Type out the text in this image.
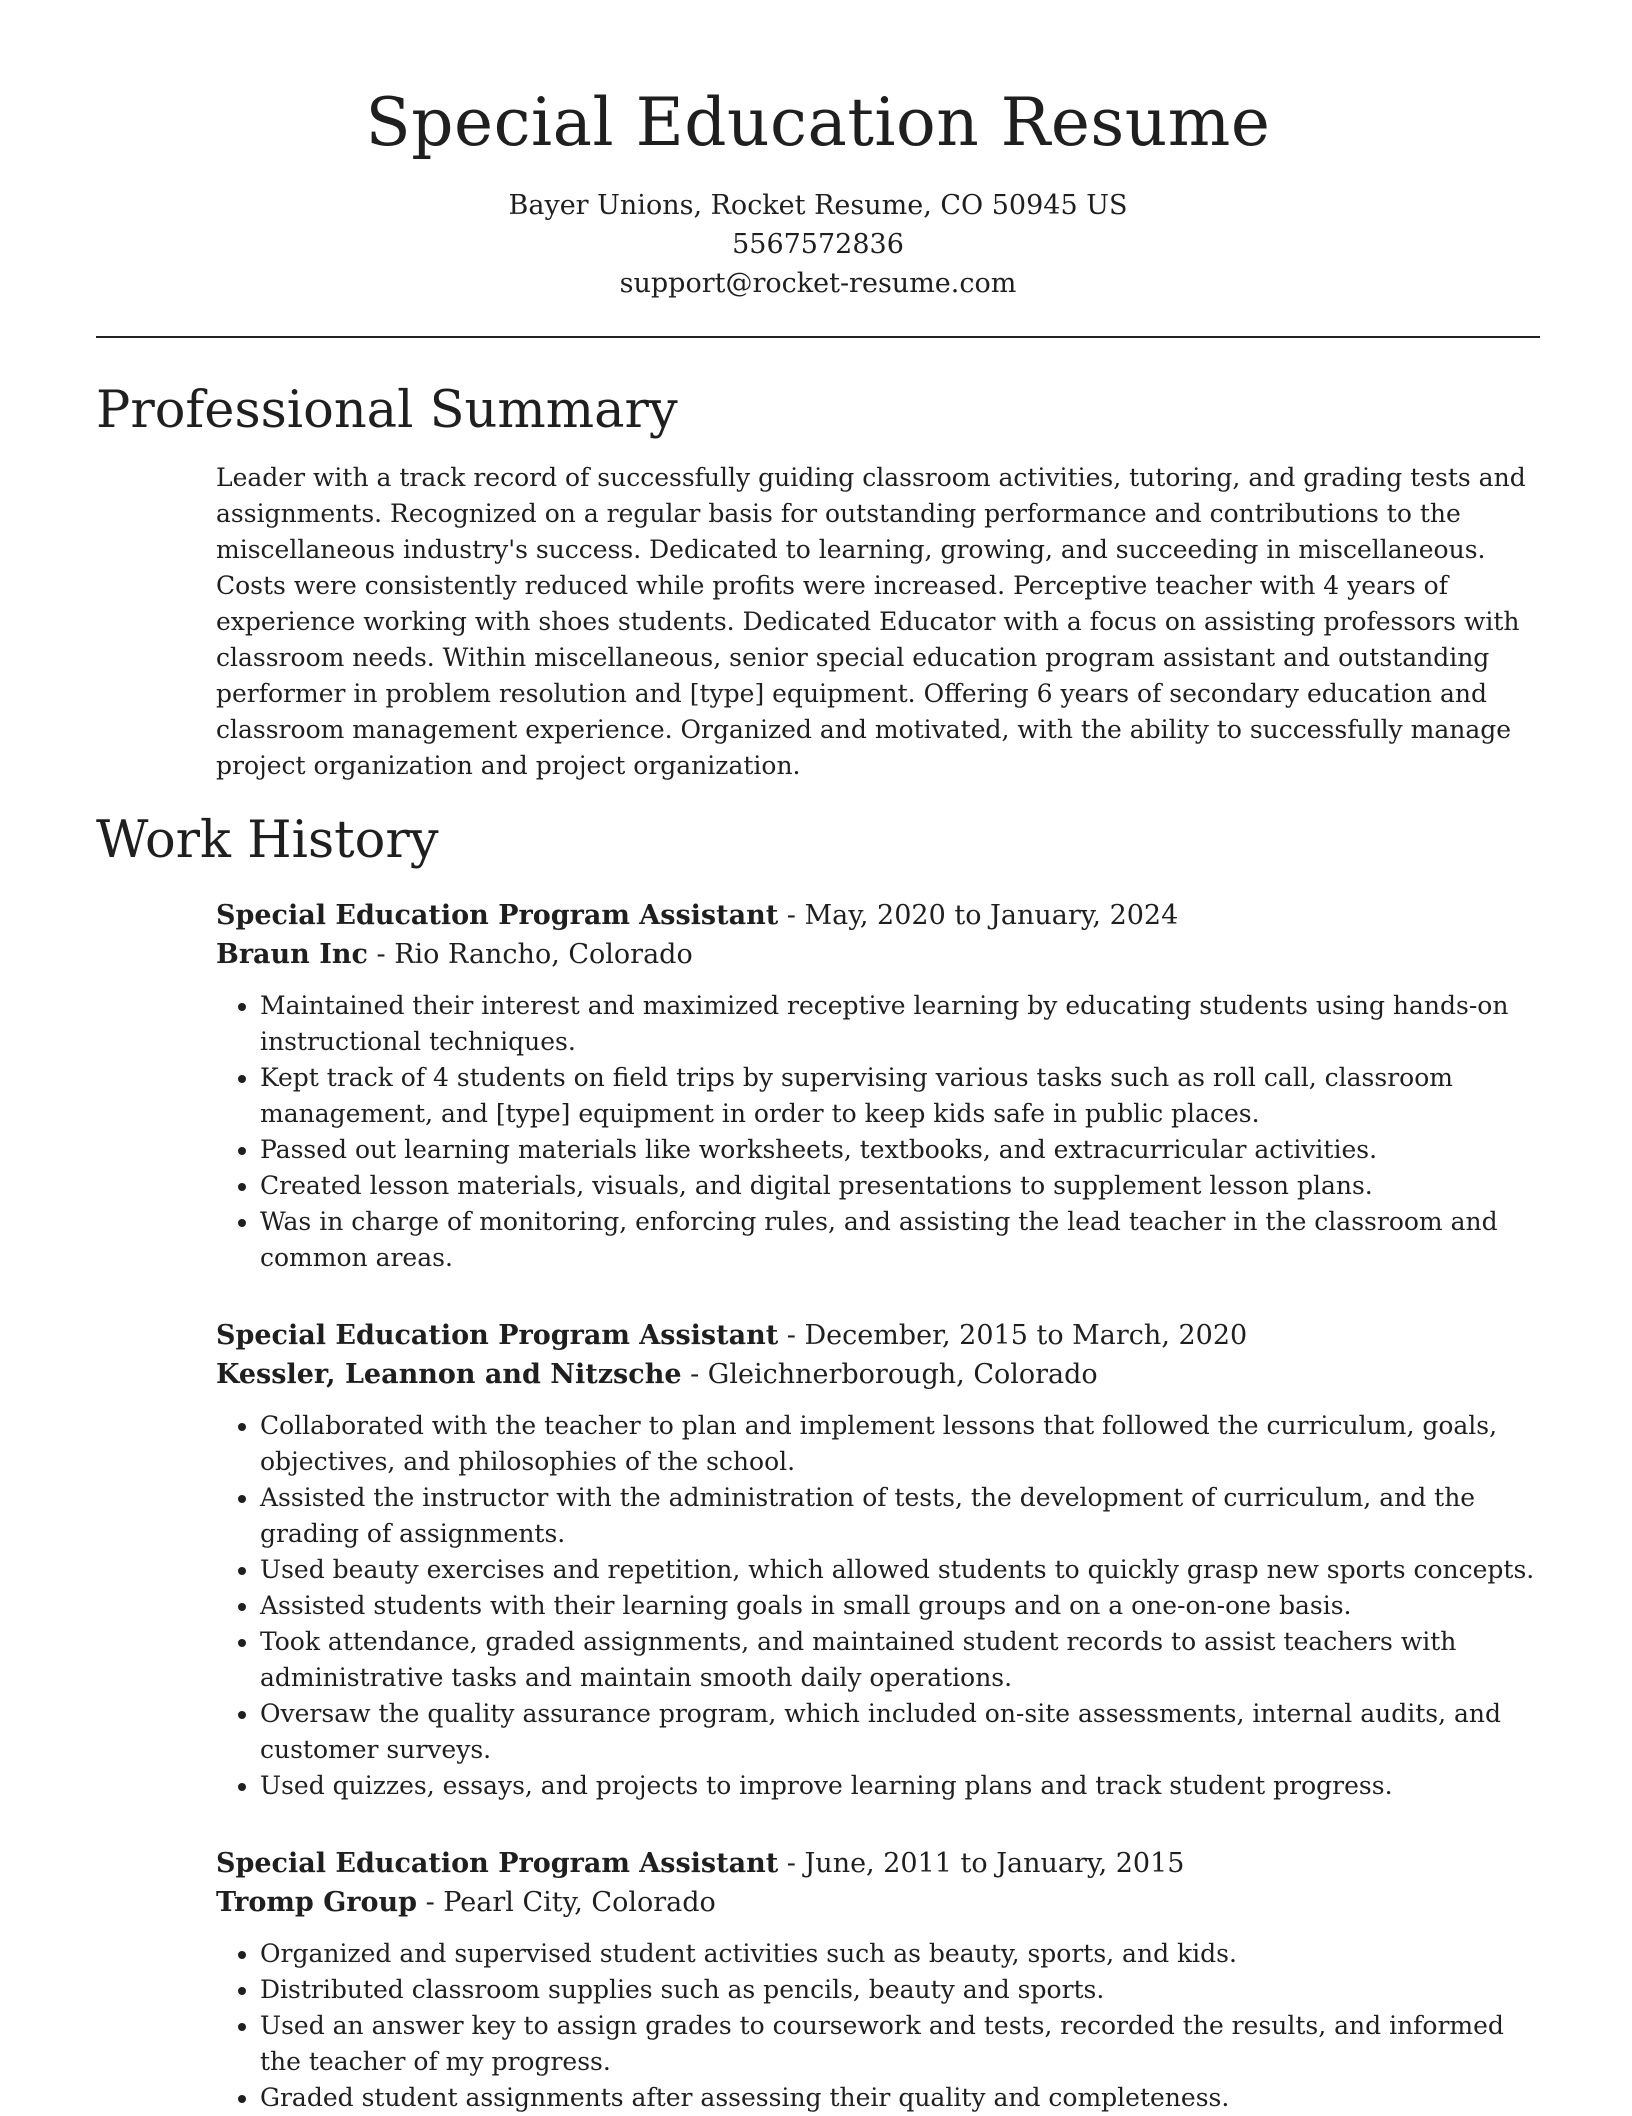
Special Education Resume

Bayer Unions, Rocket Resume, CO 50945 US

5567572836

support@rocket-resume.com

Professional Summary

Leader with a track record of successfully guiding classroom activities, tutoring, and grading tests and assignments. Recognized on a regular basis for outstanding performance and contributions to the miscellaneous industry's success. Dedicated to learning, growing, and succeeding in miscellaneous. Costs were consistently reduced while profits were increased. Perceptive teacher with 4 years of experience working with shoes students. Dedicated Educator with a focus on assisting professors with classroom needs. Within miscellaneous, senior special education program assistant and outstanding performer in problem resolution and [type] equipment. Offering 6 years of secondary education and classroom management experience. Organized and motivated, with the ability to successfully manage project organization and project organization.

Work History

Special Education Program Assistant - May, 2020 to January, 2024

Braun Inc - Rio Rancho, Colorado

• Maintained their interest and maximized receptive learning by educating students using hands-on instructional techniques.
• Kept track of 4 students on field trips by supervising various tasks such as roll call, classroom management, and [type] equipment in order to keep kids safe in public places.
• Passed out learning materials like worksheets, textbooks, and extracurricular activities.
• Created lesson materials, visuals, and digital presentations to supplement lesson plans.
• Was in charge of monitoring, enforcing rules, and assisting the lead teacher in the classroom and common areas.

Special Education Program Assistant - December, 2015 to March, 2020

Kessler, Leannon and Nitzsche - Gleichnerborough, Colorado

• Collaborated with the teacher to plan and implement lessons that followed the curriculum, goals, objectives, and philosophies of the school.
• Assisted the instructor with the administration of tests, the development of curriculum, and the grading of assignments.
• Used beauty exercises and repetition, which allowed students to quickly grasp new sports concepts.
• Assisted students with their learning goals in small groups and on a one-on-one basis.
• Took attendance, graded assignments, and maintained student records to assist teachers with administrative tasks and maintain smooth daily operations.
• Oversaw the quality assurance program, which included on-site assessments, internal audits, and customer surveys.
• Used quizzes, essays, and projects to improve learning plans and track student progress.

Special Education Program Assistant - June, 2011 to January, 2015

Tromp Group - Pearl City, Colorado

• Organized and supervised student activities such as beauty, sports, and kids.
• Distributed classroom supplies such as pencils, beauty and sports.
• Used an answer key to assign grades to coursework and tests, recorded the results, and informed the teacher of my progress.
• Graded student assignments after assessing their quality and completeness.
